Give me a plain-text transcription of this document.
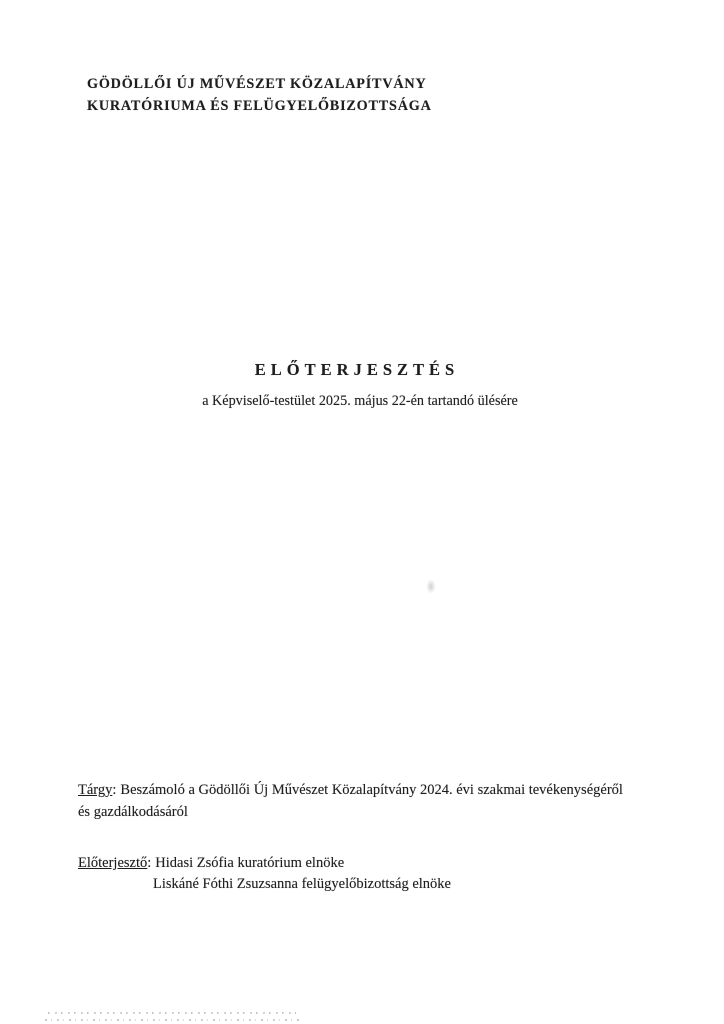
GÖDÖLLŐI ÚJ MŰVÉSZET KÖZALAPÍTVÁNY
KURATÓRIUMA ÉS FELÜGYELŐBIZOTTSÁGA
ELŐTERJESZTÉS
a Képviselő-testület 2025. május 22-én tartandó ülésére

Tárgy: Beszámoló a Gödöllői Új Művészet Közalapítvány 2024. évi szakmai tevékenységéről

és gazdálkodásáról

Előterjesztő: Hidasi Zsófia kuratórium elnöke

Liskáné Fóthi Zsuzsanna felügyelőbizottság elnöke
